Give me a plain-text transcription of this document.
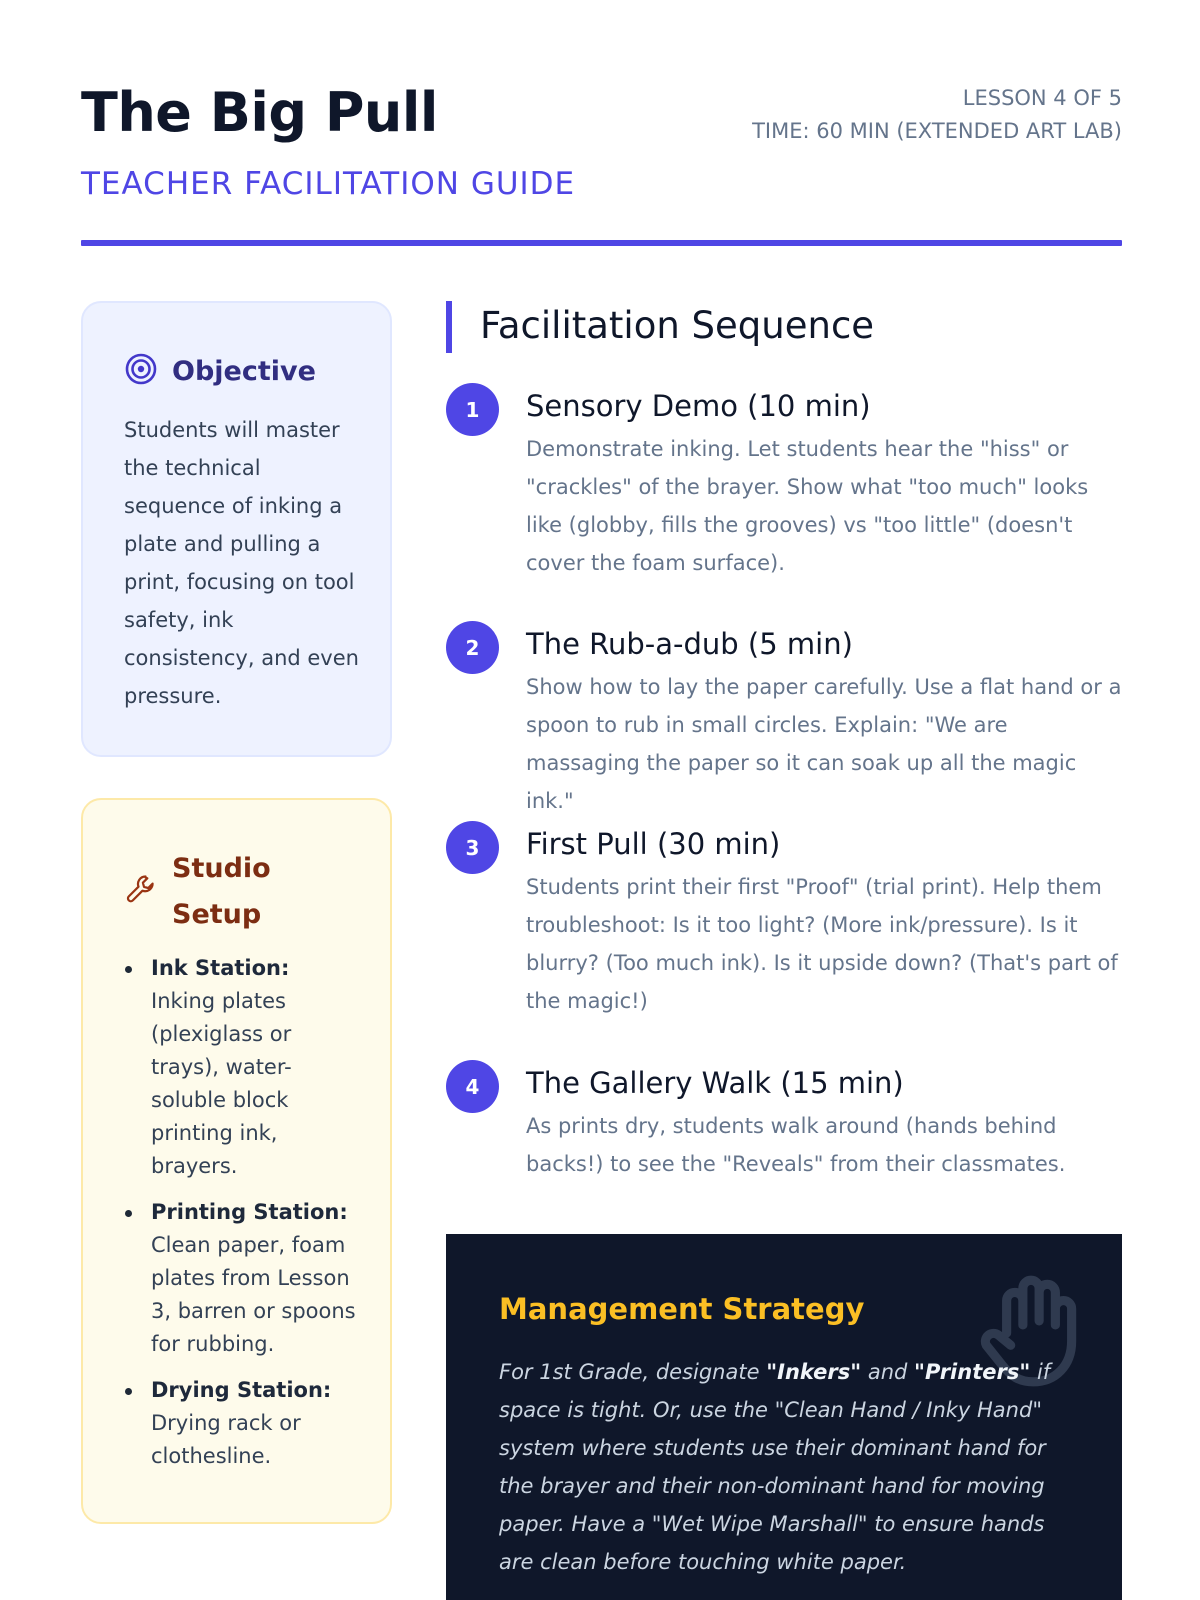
The Big Pull
TEACHER FACILITATION GUIDE
LESSON 4 OF 5
TIME: 60 MIN (EXTENDED ART LAB)
Objective
Students will master the technical sequence of inking a plate and pulling a print, focusing on tool safety, ink consistency, and even pressure.
Studio Setup
Ink Station: Inking plates (plexiglass or trays), water-soluble block printing ink, brayers.
Printing Station: Clean paper, foam plates from Lesson 3, barren or spoons for rubbing.
Drying Station: Drying rack or clothesline.
Facilitation Sequence
1	Sensory Demo (10 min)
Demonstrate inking. Let students hear the "hiss" or "crackles" of the brayer. Show what "too much" looks like (globby, fills the grooves) vs "too little" (doesn't cover the foam surface).
2	The Rub-a-dub (5 min)
Show how to lay the paper carefully. Use a flat hand or a spoon to rub in small circles. Explain: "We are massaging the paper so it can soak up all the magic ink."
3	First Pull (30 min)
Students print their first "Proof" (trial print). Help them troubleshoot: Is it too light? (More ink/pressure). Is it blurry? (Too much ink). Is it upside down? (That's part of the magic!)
4	The Gallery Walk (15 min)
As prints dry, students walk around (hands behind backs!) to see the "Reveals" from their classmates.
Management Strategy
For 1st Grade, designate "Inkers" and "Printers" if space is tight. Or, use the "Clean Hand / Inky Hand" system where students use their dominant hand for the brayer and their non-dominant hand for moving paper. Have a "Wet Wipe Marshall" to ensure hands are clean before touching white paper.
